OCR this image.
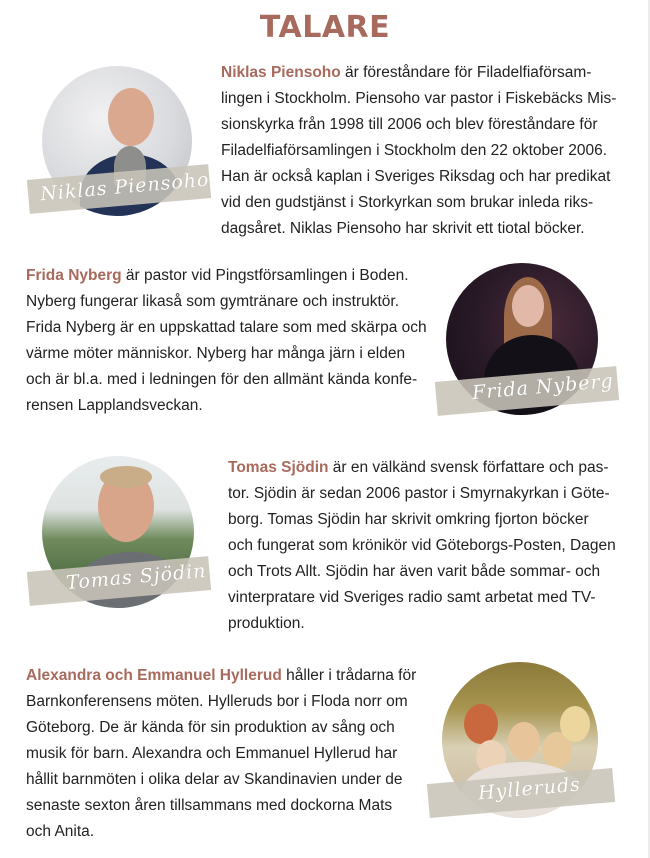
TALARE
Niklas Piensoho

Niklas Piensoho är föreståndare för Filadelfiaförsam-
lingen i Stockholm. Piensoho var pastor i Fiskebäcks Mis-
sionskyrka från 1998 till 2006 och blev föreståndare för
Filadelfiaförsamlingen i Stockholm den 22 oktober 2006.
Han är också kaplan i Sveriges Riksdag och har predikat
vid den gudstjänst i Storkyrkan som brukar inleda riks-
dagsåret. Niklas Piensoho har skrivit ett tiotal böcker.

Frida Nyberg är pastor vid Pingstförsamlingen i Boden.
Nyberg fungerar likaså som gymtränare och instruktör.
Frida Nyberg är en uppskattad talare som med skärpa och
värme möter människor. Nyberg har många järn i elden
och är bl.a. med i ledningen för den allmänt kända konfe-
rensen Lapplandsveckan.

Frida Nyberg
Tomas Sjödin

Tomas Sjödin är en välkänd svensk författare och pas-
tor. Sjödin är sedan 2006 pastor i Smyrnakyrkan i Göte-
borg. Tomas Sjödin har skrivit omkring fjorton böcker
och fungerat som krönikör vid Göteborgs-Posten, Dagen
och Trots Allt. Sjödin har även varit både sommar- och
vinterpratare vid Sveriges radio samt arbetat med TV-
produktion.

Alexandra och Emmanuel Hyllerud håller i trådarna för
Barnkonferensens möten. Hylleruds bor i Floda norr om
Göteborg. De är kända för sin produktion av sång och
musik för barn. Alexandra och Emmanuel Hyllerud har
hållit barnmöten i olika delar av Skandinavien under de
senaste sexton åren tillsammans med dockorna Mats
och Anita.

Hylleruds
